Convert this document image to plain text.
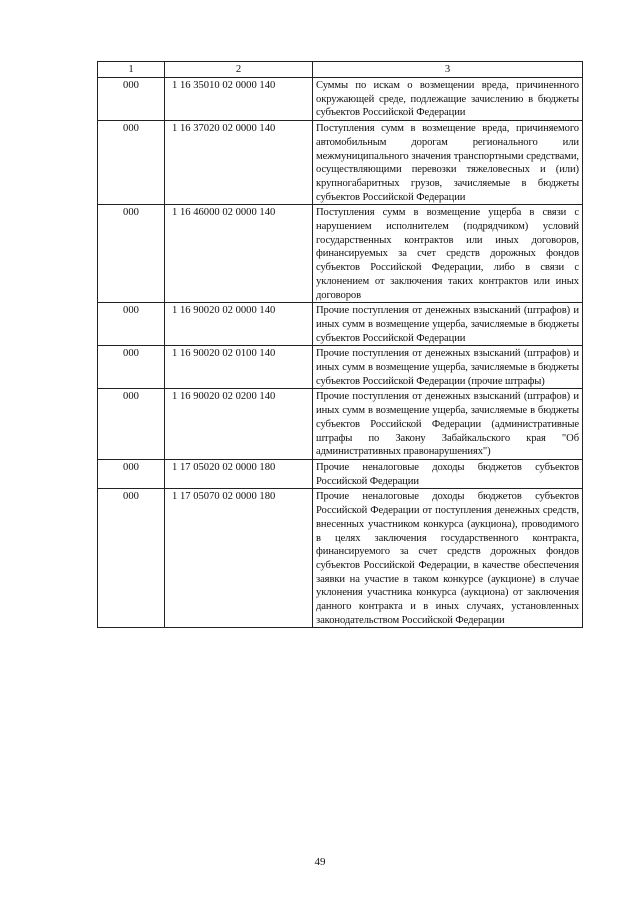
1	2	3
000	1 16 35010 02 0000 140	Суммы по искам о возмещении вреда, причиненного окружающей среде, подлежащие зачислению в бюджеты субъектов Российской Федерации
000	1 16 37020 02 0000 140	Поступления сумм в возмещение вреда, причиняемого автомобильным дорогам регионального или межмуниципального значения транспортными средствами, осуществляющими перевозки тяжеловесных и (или) крупногабаритных грузов, зачисляемые в бюджеты субъектов Российской Федерации
000	1 16 46000 02 0000 140	Поступления сумм в возмещение ущерба в связи с нарушением исполнителем (подрядчиком) условий государственных контрактов или иных договоров, финансируемых за счет средств дорожных фондов субъектов Российской Федерации, либо в связи с уклонением от заключения таких контрактов или иных договоров
000	1 16 90020 02 0000 140	Прочие поступления от денежных взысканий (штрафов) и иных сумм в возмещение ущерба, зачисляемые в бюджеты субъектов Российской Федерации
000	1 16 90020 02 0100 140	Прочие поступления от денежных взысканий (штрафов) и иных сумм в возмещение ущерба, зачисляемые в бюджеты субъектов Российской Федерации (прочие штрафы)
000	1 16 90020 02 0200 140	Прочие поступления от денежных взысканий (штрафов) и иных сумм в возмещение ущерба, зачисляемые в бюджеты субъектов Российской Федерации (административные штрафы по Закону Забайкальского края "Об административных правонарушениях")
000	1 17 05020 02 0000 180	Прочие неналоговые доходы бюджетов субъектов Российской Федерации
000	1 17 05070 02 0000 180	Прочие неналоговые доходы бюджетов субъектов Российской Федерации от поступления денежных средств, внесенных участником конкурса (аукциона), проводимого в целях заключения государственного контракта, финансируемого за счет средств дорожных фондов субъектов Российской Федерации, в качестве обеспечения заявки на участие в таком конкурсе (аукционе) в случае уклонения участника конкурса (аукциона) от заключения данного контракта и в иных случаях, установленных законодательством Российской Федерации
49
